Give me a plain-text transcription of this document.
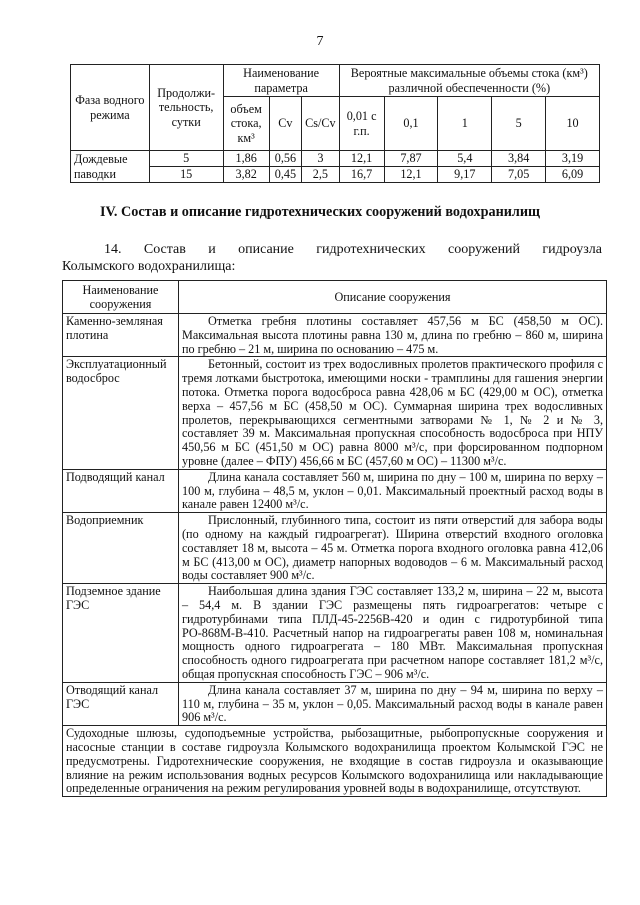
7
Фаза водного режима	Продолжи-тельность, сутки	Наименование параметра			Вероятные максимальные объемы стока (км³) различной обеспеченности (%)				
		объем стока, км³	Cv	Cs/Cv	0,01 с г.п.	0,1	1	5	10
Дождевые	5	1,86	0,56	3	12,1	7,87	5,4	3,84	3,19
паводки	15	3,82	0,45	2,5	16,7	12,1	9,17	7,05	6,09
IV. Состав и описание гидротехнических сооружений водохранилищ
14. Состав и описание гидротехнических сооружений гидроузла
Колымского водохранилища:
Наименование сооружения	Описание сооружения
Каменно-земляная плотина	Отметка гребня плотины составляет 457,56 м БС (458,50 м ОС). Максимальная высота плотины равна 130 м, длина по гребню – 860 м, ширина по гребню – 21 м, ширина по основанию – 475 м.
Эксплуатационный водосброс	Бетонный, состоит из трех водосливных пролетов практического профиля с тремя лотками быстротока, имеющими носки - трамплины для гашения энергии потока. Отметка порога водосброса равна 428,06 м БС (429,00 м ОС), отметка верха – 457,56 м БС (458,50 м ОС). Суммарная ширина трех водосливных пролетов, перекрывающихся сегментными затворами № 1, № 2 и № 3, составляет 39 м. Максимальная пропускная способность водосброса при НПУ 450,56 м БС (451,50 м ОС) равна 8000 м³/с, при форсированном подпорном уровне (далее – ФПУ) 456,66 м БС (457,60 м ОС) – 11300 м³/с.
Подводящий канал	Длина канала составляет 560 м, ширина по дну – 100 м, ширина по верху – 100 м, глубина – 48,5 м, уклон – 0,01. Максимальный проектный расход воды в канале равен 12400 м³/с.
Водоприемник	Прислонный, глубинного типа, состоит из пяти отверстий для забора воды (по одному на каждый гидроагрегат). Ширина отверстий входного оголовка составляет 18 м, высота – 45 м. Отметка порога входного оголовка равна 412,06 м БС (413,00 м ОС), диаметр напорных водоводов – 6 м. Максимальный расход воды составляет 900 м³/с.
Подземное здание ГЭС	Наибольшая длина здания ГЭС составляет 133,2 м, ширина – 22 м, высота – 54,4 м. В здании ГЭС размещены пять гидроагрегатов: четыре с гидротурбинами типа ПЛД-45-2256В-420 и один с гидротурбиной типа РО-868М-В-410. Расчетный напор на гидроагрегаты равен 108 м, номинальная мощность одного гидроагрегата – 180 МВт. Максимальная пропускная способность одного гидроагрегата при расчетном напоре составляет 181,2 м³/с, общая пропускная способность ГЭС – 906 м³/с.
Отводящий канал ГЭС	Длина канала составляет 37 м, ширина по дну – 94 м, ширина по верху – 110 м, глубина – 35 м, уклон – 0,05. Максимальный расход воды в канале равен 906 м³/с.
Судоходные шлюзы, судоподъемные устройства, рыбозащитные, рыбопропускные сооружения и насосные станции в составе гидроузла Колымского водохранилища проектом Колымской ГЭС не предусмотрены. Гидротехнические сооружения, не входящие в состав гидроузла и оказывающие влияние на режим использования водных ресурсов Колымского водохранилища или накладывающие определенные ограничения на режим регулирования уровней воды в водохранилище, отсутствуют.	
